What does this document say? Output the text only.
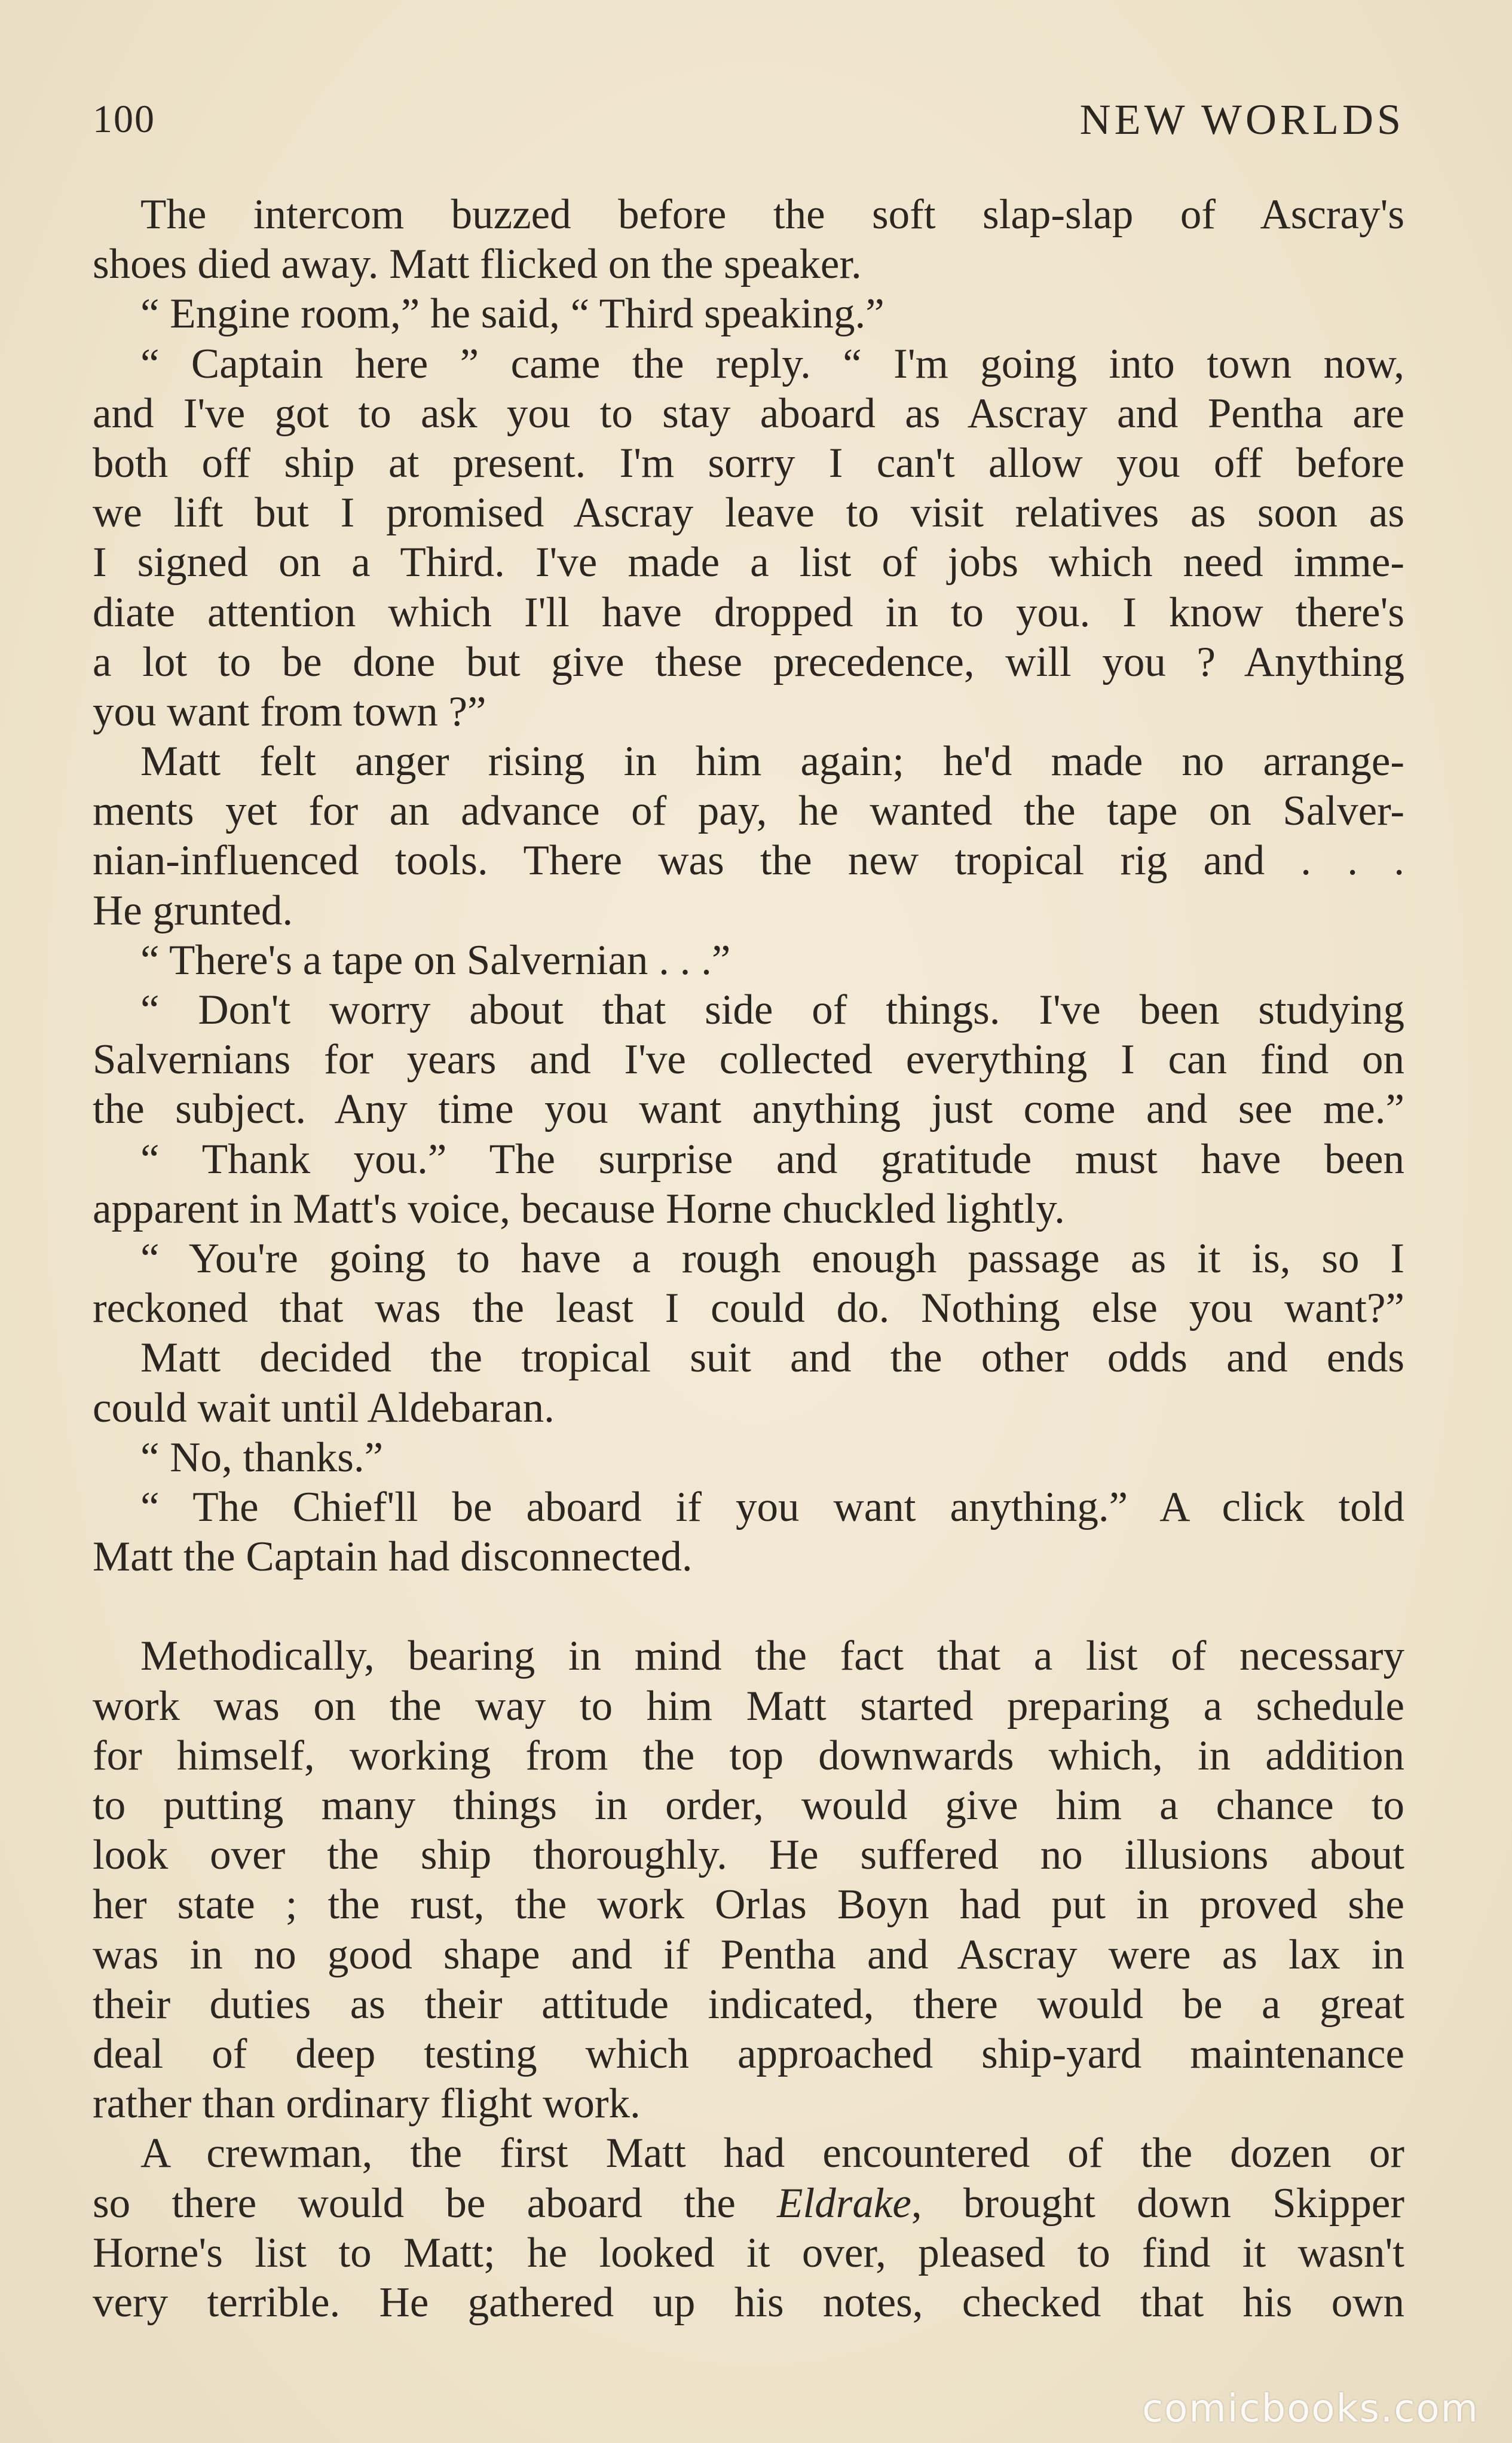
100	NEW WORLDS
The intercom buzzed before the soft slap-slap of Ascray's
shoes died away. Matt flicked on the speaker.
“ Engine room,” he said, “ Third speaking.”
“ Captain here ” came the reply. “ I'm going into town now,
and I've got to ask you to stay aboard as Ascray and Pentha are
both off ship at present. I'm sorry I can't allow you off before
we lift but I promised Ascray leave to visit relatives as soon as
I signed on a Third. I've made a list of jobs which need imme-
diate attention which I'll have dropped in to you. I know there's
a lot to be done but give these precedence, will you ? Anything
you want from town ?”
Matt felt anger rising in him again; he'd made no arrange-
ments yet for an advance of pay, he wanted the tape on Salver-
nian-influenced tools. There was the new tropical rig and . . .
He grunted.
“ There's a tape on Salvernian . . .”
“ Don't worry about that side of things. I've been studying
Salvernians for years and I've collected everything I can find on
the subject. Any time you want anything just come and see me.”
“ Thank you.” The surprise and gratitude must have been
apparent in Matt's voice, because Horne chuckled lightly.
“ You're going to have a rough enough passage as it is, so I
reckoned that was the least I could do. Nothing else you want?”
Matt decided the tropical suit and the other odds and ends
could wait until Aldebaran.
“ No, thanks.”
“ The Chief'll be aboard if you want anything.” A click told
Matt the Captain had disconnected.
Methodically, bearing in mind the fact that a list of necessary
work was on the way to him Matt started preparing a schedule
for himself, working from the top downwards which, in addition
to putting many things in order, would give him a chance to
look over the ship thoroughly. He suffered no illusions about
her state ; the rust, the work Orlas Boyn had put in proved she
was in no good shape and if Pentha and Ascray were as lax in
their duties as their attitude indicated, there would be a great
deal of deep testing which approached ship-yard maintenance
rather than ordinary flight work.
A crewman, the first Matt had encountered of the dozen or
so there would be aboard the Eldrake, brought down Skipper
Horne's list to Matt; he looked it over, pleased to find it wasn't
very terrible. He gathered up his notes, checked that his own
comicbooks.com
